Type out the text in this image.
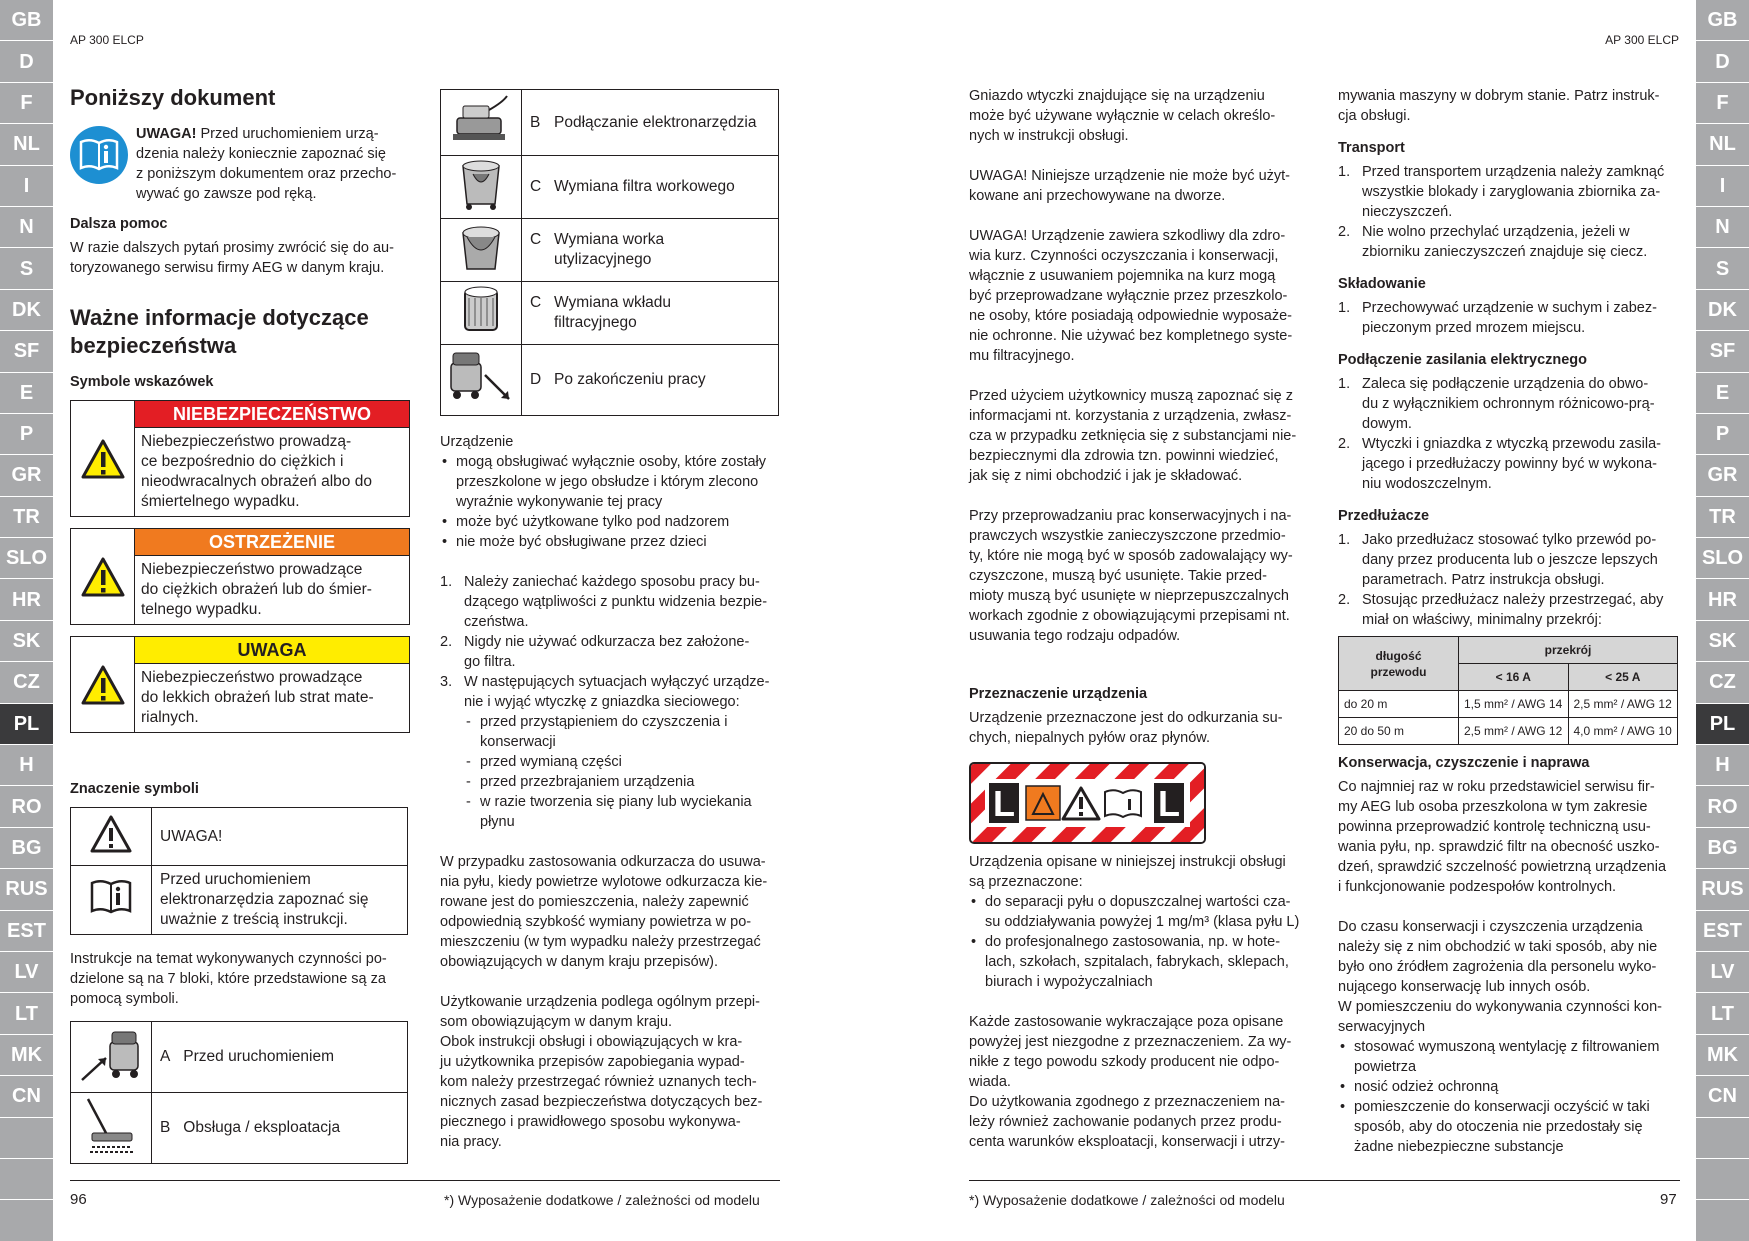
GB
D
F
NL
I
N
S
DK
SF
E
P
GR
TR
SLO
HR
SK
CZ
PL
H
RO
BG
RUS
EST
LV
LT
MK
CN
GB
D
F
NL
I
N
S
DK
SF
E
P
GR
TR
SLO
HR
SK
CZ
PL
H
RO
BG
RUS
EST
LV
LT
MK
CN
AP 300 ELCP	AP 300 ELCP
Poniższy dokument

UWAGA! Przed uruchomieniem urzą-
dzenia należy koniecznie zapoznać się
z poniższym dokumentem oraz przecho-
wywać go zawsze pod ręką.

Dalsza pomoc

W razie dalszych pytań prosimy zwrócić się do au-
toryzowanego serwisu firmy AEG w danym kraju.

Ważne informacje dotyczące
bezpieczeństwa
Symbole wskazówek
NIEBEZPIECZEŃSTWO
Niebezpieczeństwo prowadzą-
ce bezpośrednio do ciężkich i
nieodwracalnych obrażeń albo do
śmiertelnego wypadku.
OSTRZEŻENIE
Niebezpieczeństwo prowadzące
do ciężkich obrażeń lub do śmier-
telnego wypadku.
UWAGA
Niebezpieczeństwo prowadzące
do lekkich obrażeń lub strat mate-
rialnych.
Znaczenie symboli
	UWAGA!
	Przed uruchomieniem
elektronarzędzia zapoznać się
uważnie z treścią instrukcji.

Instrukcje na temat wykonywanych czynności po-
dzielone są na 7 bloki, które przedstawione są za
pomocą symboli.

	A Przed uruchomieniem
	B Obsługa / eksploatacja

B Podłączanie elektronarzędzia

C Wymiana filtra workowego

C Wymiana worka
utylizacyjnego

C Wymiana wkładu
filtracyjnego

D Po zakończeniu pracy
Urządzenie
• mogą obsługiwać wyłącznie osoby, które zostały
przeszkolone w jego obsłudze i którym zlecono
wyraźnie wykonywanie tej pracy
• może być użytkowane tylko pod nadzorem
• nie może być obsługiwane przez dzieci
1. Należy zaniechać każdego sposobu pracy bu-
dzącego wątpliwości z punktu widzenia bezpie-
czeństwa.
2. Nigdy nie używać odkurzacza bez założone-
go filtra.
3. W następujących sytuacjach wyłączyć urządze-
nie i wyjąć wtyczkę z gniazdka sieciowego:
- przed przystąpieniem do czyszczenia i
konserwacji
- przed wymianą części
- przed przezbrajaniem urządzenia
- w razie tworzenia się piany lub wyciekania
płynu

W przypadku zastosowania odkurzacza do usuwa-
nia pyłu, kiedy powietrze wylotowe odkurzacza kie-
rowane jest do pomieszczenia, należy zapewnić
odpowiednią szybkość wymiany powietrza w po-
mieszczeniu (w tym wypadku należy przestrzegać
obowiązujących w danym kraju przepisów).

Użytkowanie urządzenia podlega ogólnym przepi-
som obowiązującym w danym kraju.
Obok instrukcji obsługi i obowiązujących w kra-
ju użytkownika przepisów zapobiegania wypad-
kom należy przestrzegać również uznanych tech-
nicznych zasad bezpieczeństwa dotyczących bez-
piecznego i prawidłowego sposobu wykonywa-
nia pracy.

Gniazdo wtyczki znajdujące się na urządzeniu
może być używane wyłącznie w celach określo-
nych w instrukcji obsługi.

UWAGA! Niniejsze urządzenie nie może być użyt-
kowane ani przechowywane na dworze.

UWAGA! Urządzenie zawiera szkodliwy dla zdro-
wia kurz. Czynności oczyszczania i konserwacji,
włącznie z usuwaniem pojemnika na kurz mogą
być przeprowadzane wyłącznie przez przeszkolo-
ne osoby, które posiadają odpowiednie wyposaże-
nie ochronne. Nie używać bez kompletnego syste-
mu filtracyjnego.

Przed użyciem użytkownicy muszą zapoznać się z
informacjami nt. korzystania z urządzenia, zwłasz-
cza w przypadku zetknięcia się z substancjami nie-
bezpiecznymi dla zdrowia tzn. powinni wiedzieć,
jak się z nimi obchodzić i jak je składować.

Przy przeprowadzaniu prac konserwacyjnych i na-
prawczych wszystkie zanieczyszczone przedmio-
ty, które nie mogą być w sposób zadowalający wy-
czyszczone, muszą być usunięte. Takie przed-
mioty muszą być usunięte w nieprzepuszczalnych
workach zgodnie z obowiązującymi przepisami nt.
usuwania tego rodzaju odpadów.

Przeznaczenie urządzenia

Urządzenie przeznaczone jest do odkurzania su-
chych, niepalnych pyłów oraz płynów.

L	L

Urządzenia opisane w niniejszej instrukcji obsługi
są przeznaczone:

• do separacji pyłu o dopuszczalnej wartości cza-
su oddziaływania powyżej 1 mg/m³ (klasa pyłu L)
• do profesjonalnego zastosowania, np. w hote-
lach, szkołach, szpitalach, fabrykach, sklepach,
biurach i wypożyczalniach

Każde zastosowanie wykraczające poza opisane
powyżej jest niezgodne z przeznaczeniem. Za wy-
nikłe z tego powodu szkody producent nie odpo-
wiada.
Do użytkowania zgodnego z przeznaczeniem na-
leży również zachowanie podanych przez produ-
centa warunków eksploatacji, konserwacji i utrzy-

mywania maszyny w dobrym stanie. Patrz instruk-
cja obsługi.

Transport
1. Przed transportem urządzenia należy zamknąć
wszystkie blokady i zaryglowania zbiornika za-
nieczyszczeń.
2. Nie wolno przechylać urządzenia, jeżeli w
zbiorniku zanieczyszczeń znajduje się ciecz.
Składowanie
1. Przechowywać urządzenie w suchym i zabez-
pieczonym przed mrozem miejscu.
Podłączenie zasilania elektrycznego
1. Zaleca się podłączenie urządzenia do obwo-
du z wyłącznikiem ochronnym różnicowo-prą-
dowym.
2. Wtyczki i gniazdka z wtyczką przewodu zasila-
jącego i przedłużaczy powinny być w wykona-
niu wodoszczelnym.
Przedłużacze
1. Jako przedłużacz stosować tylko przewód po-
dany przez producenta lub o jeszcze lepszych
parametrach. Patrz instrukcja obsługi.
2. Stosując przedłużacz należy przestrzegać, aby
miał on właściwy, minimalny przekrój:
długość
przewodu	przekrój	
	< 16 A	< 25 A
do 20 m	1,5 mm² / AWG 14	2,5 mm² / AWG 12
20 do 50 m	2,5 mm² / AWG 12	4,0 mm² / AWG 10
Konserwacja, czyszczenie i naprawa

Co najmniej raz w roku przedstawiciel serwisu fir-
my AEG lub osoba przeszkolona w tym zakresie
powinna przeprowadzić kontrolę techniczną usu-
wania pyłu, np. sprawdzić filtr na obecność uszko-
dzeń, sprawdzić szczelność powietrzną urządzenia
i funkcjonowanie podzespołów kontrolnych.

Do czasu konserwacji i czyszczenia urządzenia
należy się z nim obchodzić w taki sposób, aby nie
było ono źródłem zagrożenia dla personelu wyko-
nującego konserwację lub innych osób.
W pomieszczeniu do wykonywania czynności kon-
serwacyjnych

• stosować wymuszoną wentylację z filtrowaniem
powietrza
• nosić odzież ochronną
• pomieszczenie do konserwacji oczyścić w taki
sposób, aby do otoczenia nie przedostały się
żadne niebezpieczne substancje
96	*) Wyposażenie dodatkowe / zależności od modelu	*) Wyposażenie dodatkowe / zależności od modelu	97
